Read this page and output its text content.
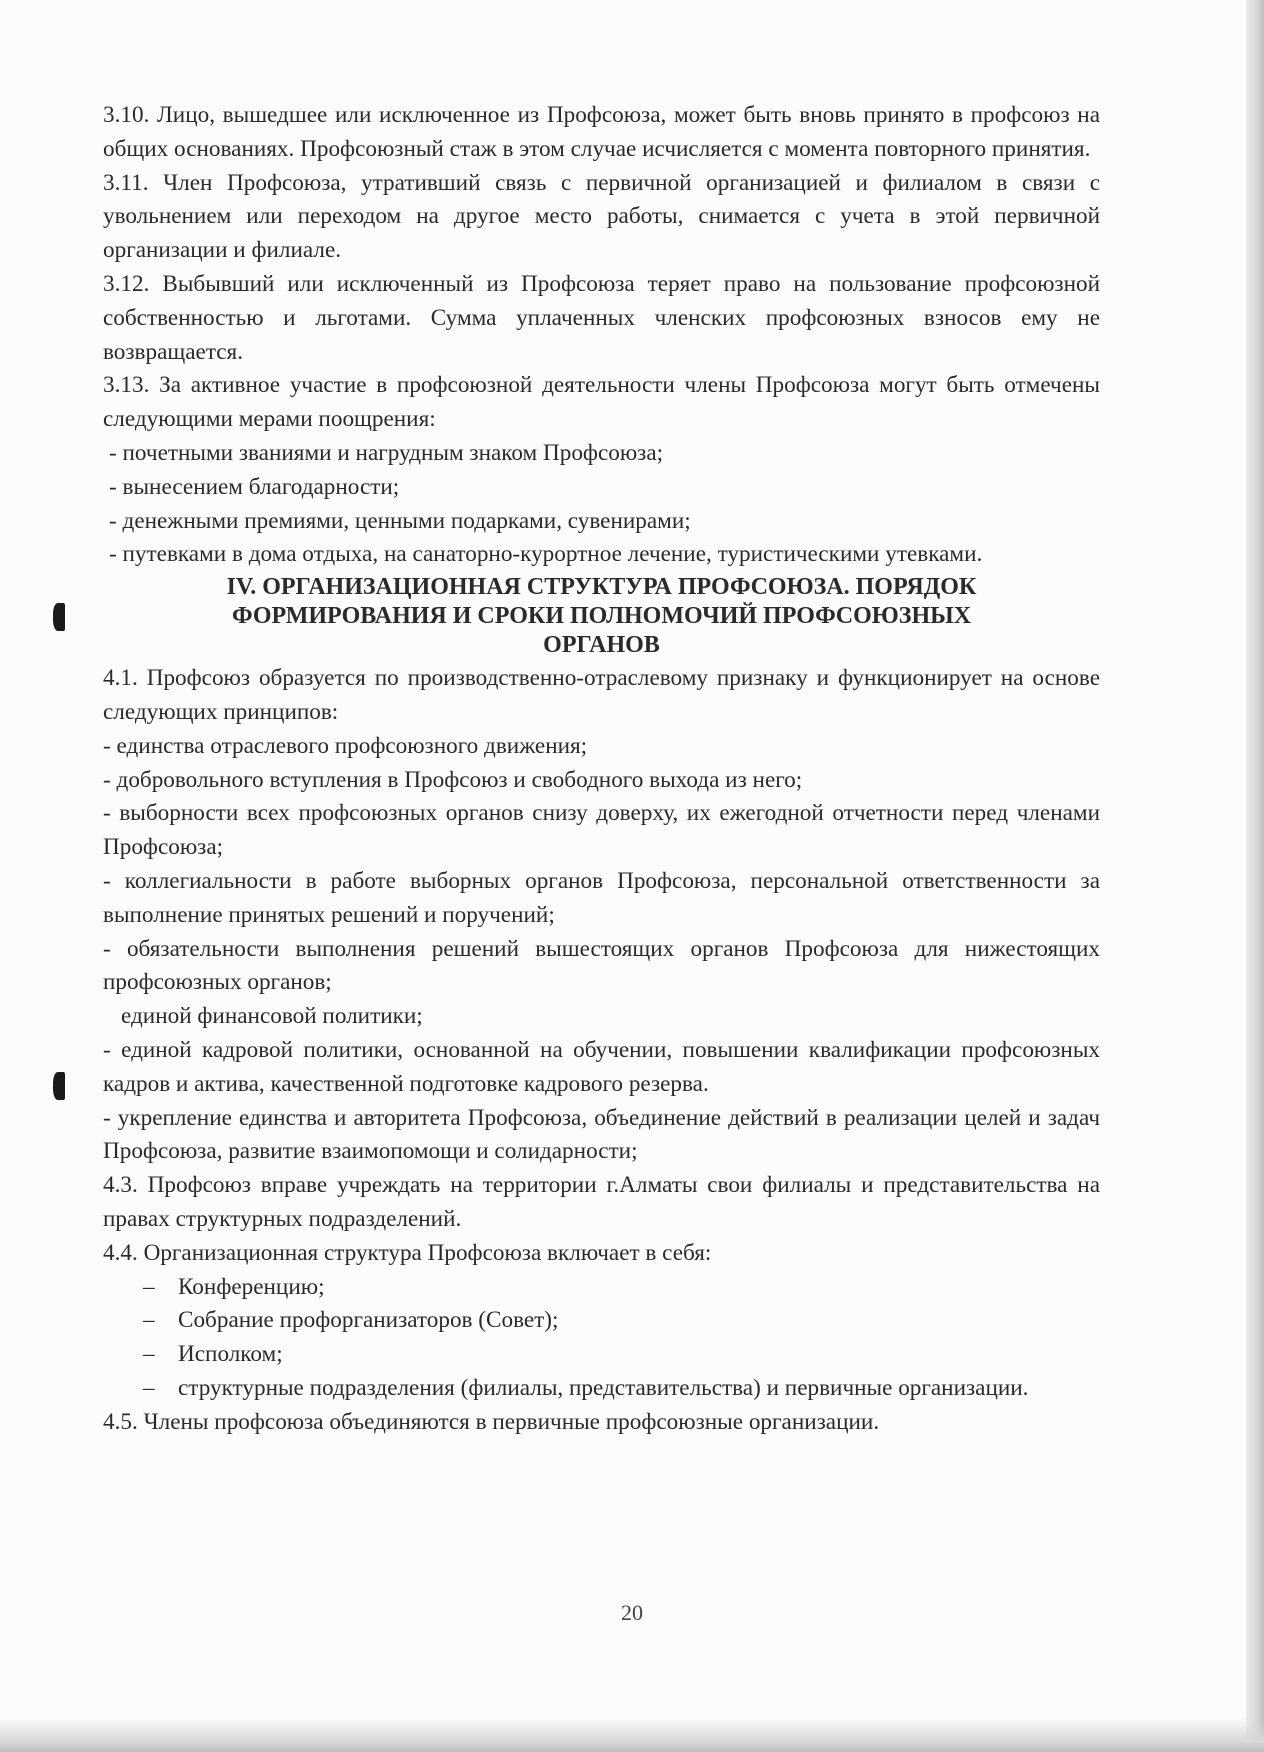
3.10. Лицо, вышедшее или исключенное из Профсоюза, может быть вновь принято в профсоюз на общих основаниях. Профсоюзный стаж в этом случае исчисляется с момента повторного принятия.

3.11. Член Профсоюза, утративший связь с первичной организацией и филиалом в связи с увольнением или переходом на другое место работы, снимается с учета в этой первичной организации и филиале.

3.12. Выбывший или исключенный из Профсоюза теряет право на пользование профсоюзной собственностью и льготами. Сумма уплаченных членских профсоюзных взносов ему не возвращается.

3.13. За активное участие в профсоюзной деятельности члены Профсоюза могут быть отмечены следующими мерами поощрения:

- почетными званиями и нагрудным знаком Профсоюза;

- вынесением благодарности;

- денежными премиями, ценными подарками, сувенирами;

- путевками в дома отдыха, на санаторно-курортное лечение, туристическими утевками.

IV. ОРГАНИЗАЦИОННАЯ СТРУКТУРА ПРОФСОЮЗА. ПОРЯДОК
ФОРМИРОВАНИЯ И СРОКИ ПОЛНОМОЧИЙ ПРОФСОЮЗНЫХ
ОРГАНОВ

4.1. Профсоюз образуется по производственно-отраслевому признаку и функционирует на основе следующих принципов:

- единства отраслевого профсоюзного движения;

- добровольного вступления в Профсоюз и свободного выхода из него;

- выборности всех профсоюзных органов снизу доверху, их ежегодной отчетности перед членами Профсоюза;

- коллегиальности в работе выборных органов Профсоюза, персональной ответственности за выполнение принятых решений и поручений;

- обязательности выполнения решений вышестоящих органов Профсоюза для нижестоящих профсоюзных органов;

единой финансовой политики;

- единой кадровой политики, основанной на обучении, повышении квалификации профсоюзных кадров и актива, качественной подготовке кадрового резерва.

- укрепление единства и авторитета Профсоюза, объединение действий в реализации целей и задач Профсоюза, развитие взаимопомощи и солидарности;

4.3. Профсоюз вправе учреждать на территории г.Алматы свои филиалы и представительства на правах структурных подразделений.

4.4. Организационная структура Профсоюза включает в себя:

– Конференцию;
– Собрание профорганизаторов (Совет);
– Исполком;
– структурные подразделения (филиалы, представительства) и первичные организации.

4.5. Члены профсоюза объединяются в первичные профсоюзные организации.

20
